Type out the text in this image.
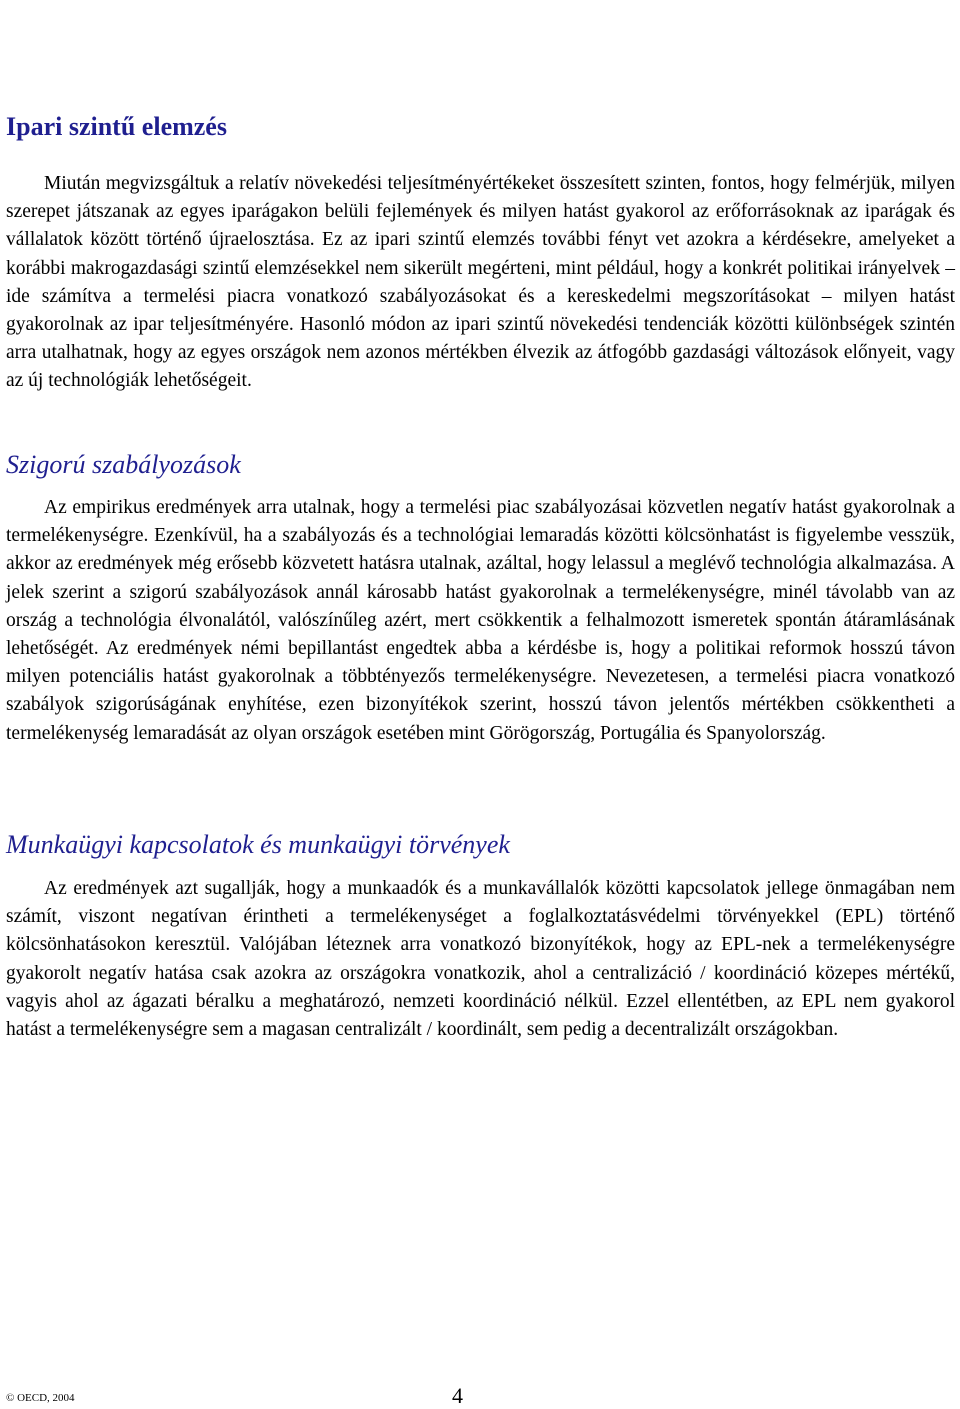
Ipari szintű elemzés

Miután megvizsgáltuk a relatív növekedési teljesítményértékeket összesített szinten, fontos, hogy felmérjük, milyen szerepet játszanak az egyes iparágakon belüli fejlemények és milyen hatást gyakorol az erőforrásoknak az iparágak és vállalatok között történő újraelosztása. Ez az ipari szintű elemzés további fényt vet azokra a kérdésekre, amelyeket a korábbi makrogazdasági szintű elemzésekkel nem sikerült megérteni, mint például, hogy a konkrét politikai irányelvek – ide számítva a termelési piacra vonatkozó szabályozásokat és a kereskedelmi megszorításokat – milyen hatást gyakorolnak az ipar teljesítményére. Hasonló módon az ipari szintű növekedési tendenciák közötti különbségek szintén arra utalhatnak, hogy az egyes országok nem azonos mértékben élvezik az átfogóbb gazdasági változások előnyeit, vagy az új technológiák lehetőségeit.

Szigorú szabályozások

Az empirikus eredmények arra utalnak, hogy a termelési piac szabályozásai közvetlen negatív hatást gyakorolnak a termelékenységre. Ezenkívül, ha a szabályozás és a technológiai lemaradás közötti kölcsönhatást is figyelembe vesszük, akkor az eredmények még erősebb közvetett hatásra utalnak, azáltal, hogy lelassul a meglévő technológia alkalmazása. A jelek szerint a szigorú szabályozások annál károsabb hatást gyakorolnak a termelékenységre, minél távolabb van az ország a technológia élvonalától, valószínűleg azért, mert csökkentik a felhalmozott ismeretek spontán átáramlásának lehetőségét. Az eredmények némi bepillantást engedtek abba a kérdésbe is, hogy a politikai reformok hosszú távon milyen potenciális hatást gyakorolnak a többtényezős termelékenységre. Nevezetesen, a termelési piacra vonatkozó szabályok szigorúságának enyhítése, ezen bizonyítékok szerint, hosszú távon jelentős mértékben csökkentheti a termelékenység lemaradását az olyan országok esetében mint Görögország, Portugália és Spanyolország.

Munkaügyi kapcsolatok és munkaügyi törvények

Az eredmények azt sugallják, hogy a munkaadók és a munkavállalók közötti kapcsolatok jellege önmagában nem számít, viszont negatívan érintheti a termelékenységet a foglalkoztatásvédelmi törvényekkel (EPL) történő kölcsönhatásokon keresztül. Valójában léteznek arra vonatkozó bizonyítékok, hogy az EPL-nek a termelékenységre gyakorolt negatív hatása csak azokra az országokra vonatkozik, ahol a centralizáció / koordináció közepes mértékű, vagyis ahol az ágazati béralku a meghatározó, nemzeti koordináció nélkül. Ezzel ellentétben, az EPL nem gyakorol hatást a termelékenységre sem a magasan centralizált / koordinált, sem pedig a decentralizált országokban.

© OECD, 2004	4
